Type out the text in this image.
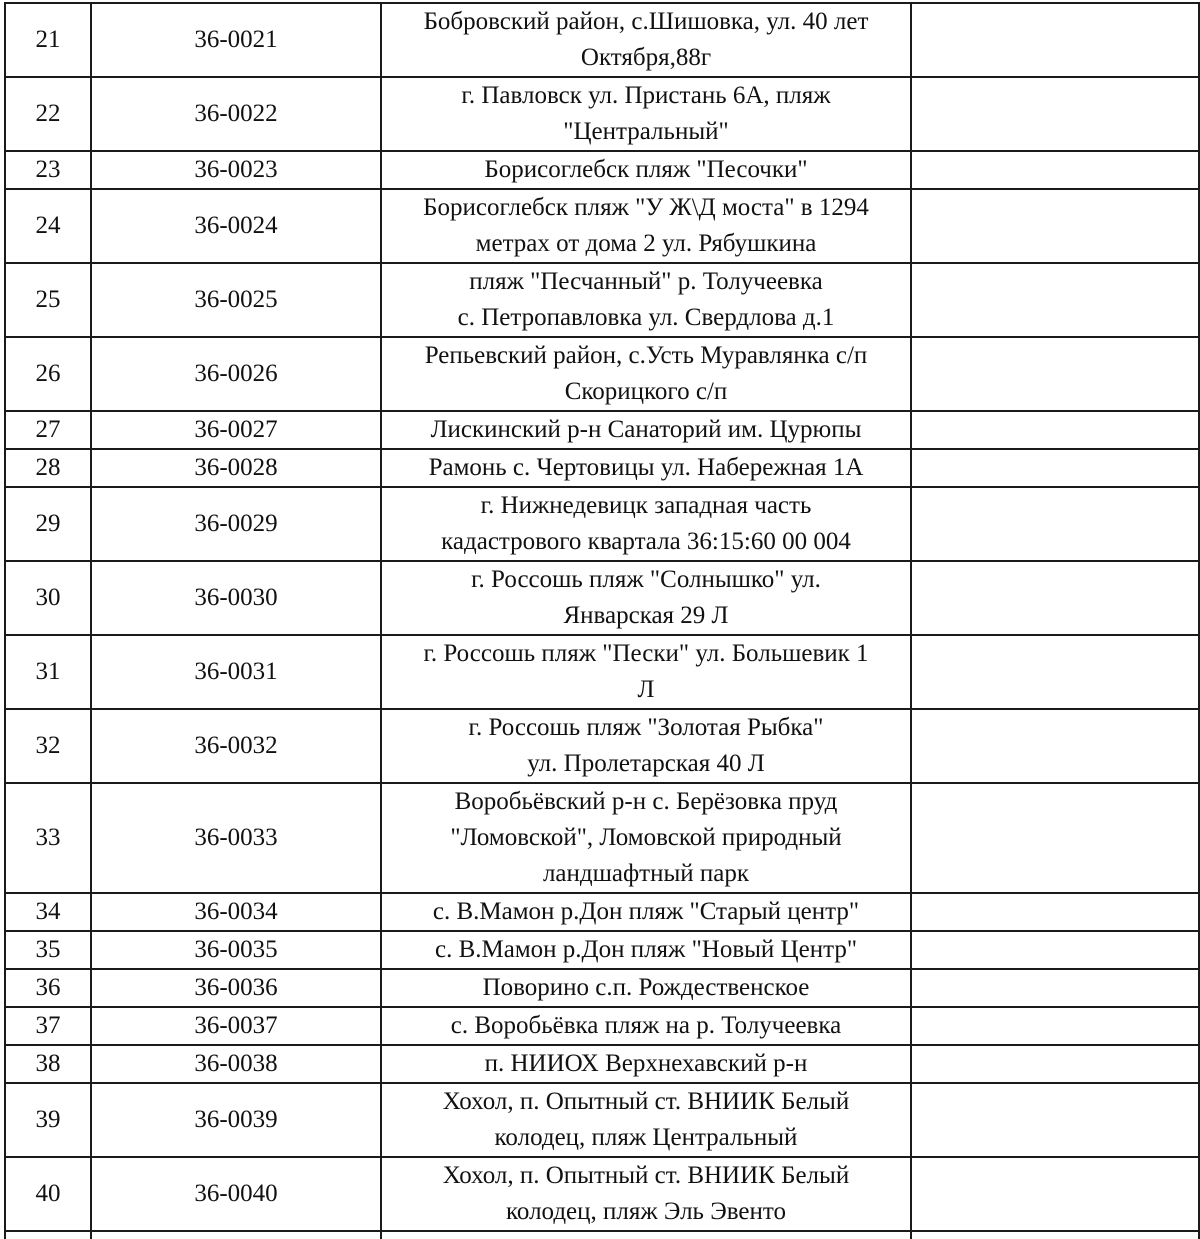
21	36-0021	Бобровский район, с.Шишовка, ул. 40 лет
Октября,88г	

22	36-0022	г. Павловск ул. Пристань 6А, пляж
"Центральный"	

23	36-0023	Борисоглебск пляж "Песочки"	

24	36-0024	Борисоглебск пляж "У Ж\Д моста" в 1294
метрах от дома 2 ул. Рябушкина	

25	36-0025	пляж "Песчанный" р. Толучеевка
с. Петропавловка ул. Свердлова д.1	

26	36-0026	Репьевский район, с.Усть Муравлянка с/п
Скорицкого с/п	

27	36-0027	Лискинский р-н Санаторий им. Цурюпы	

28	36-0028	Рамонь с. Чертовицы ул. Набережная 1А	

29	36-0029	г. Нижнедевицк западная часть
кадастрового квартала 36:15:60 00 004	

30	36-0030	г. Россошь пляж "Солнышко" ул.
Январская 29 Л	

31	36-0031	г. Россошь пляж "Пески" ул. Большевик 1
Л	

32	36-0032	г. Россошь пляж "Золотая Рыбка"
ул. Пролетарская 40 Л	

33	36-0033	Воробьёвский р-н с. Берёзовка пруд
"Ломовской", Ломовской природный
ландшафтный парк	

34	36-0034	с. В.Мамон р.Дон пляж "Старый центр"	

35	36-0035	с. В.Мамон р.Дон пляж "Новый Центр"	

36	36-0036	Поворино с.п. Рождественское	

37	36-0037	с. Воробьёвка пляж на р. Толучеевка	

38	36-0038	п. НИИОХ Верхнехавский р-н	

39	36-0039	Хохол, п. Опытный ст. ВНИИК Белый
колодец, пляж Центральный	

40	36-0040	Хохол, п. Опытный ст. ВНИИК Белый
колодец, пляж Эль Эвенто	
